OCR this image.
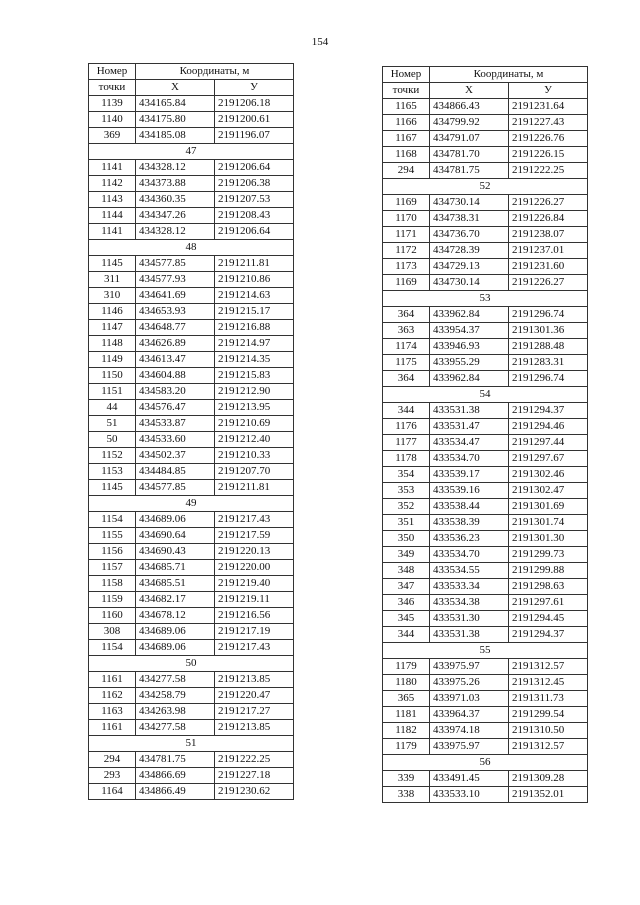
154
Номер	Координаты, м	
точки	Х	У
1139	434165.84	2191206.18
1140	434175.80	2191200.61
369	434185.08	2191196.07
47		
1141	434328.12	2191206.64
1142	434373.88	2191206.38
1143	434360.35	2191207.53
1144	434347.26	2191208.43
1141	434328.12	2191206.64
48		
1145	434577.85	2191211.81
311	434577.93	2191210.86
310	434641.69	2191214.63
1146	434653.93	2191215.17
1147	434648.77	2191216.88
1148	434626.89	2191214.97
1149	434613.47	2191214.35
1150	434604.88	2191215.83
1151	434583.20	2191212.90
44	434576.47	2191213.95
51	434533.87	2191210.69
50	434533.60	2191212.40
1152	434502.37	2191210.33
1153	434484.85	2191207.70
1145	434577.85	2191211.81
49		
1154	434689.06	2191217.43
1155	434690.64	2191217.59
1156	434690.43	2191220.13
1157	434685.71	2191220.00
1158	434685.51	2191219.40
1159	434682.17	2191219.11
1160	434678.12	2191216.56
308	434689.06	2191217.19
1154	434689.06	2191217.43
50		
1161	434277.58	2191213.85
1162	434258.79	2191220.47
1163	434263.98	2191217.27
1161	434277.58	2191213.85
51		
294	434781.75	2191222.25
293	434866.69	2191227.18
1164	434866.49	2191230.62
Номер	Координаты, м	
точки	Х	У
1165	434866.43	2191231.64
1166	434799.92	2191227.43
1167	434791.07	2191226.76
1168	434781.70	2191226.15
294	434781.75	2191222.25
52		
1169	434730.14	2191226.27
1170	434738.31	2191226.84
1171	434736.70	2191238.07
1172	434728.39	2191237.01
1173	434729.13	2191231.60
1169	434730.14	2191226.27
53		
364	433962.84	2191296.74
363	433954.37	2191301.36
1174	433946.93	2191288.48
1175	433955.29	2191283.31
364	433962.84	2191296.74
54		
344	433531.38	2191294.37
1176	433531.47	2191294.46
1177	433534.47	2191297.44
1178	433534.70	2191297.67
354	433539.17	2191302.46
353	433539.16	2191302.47
352	433538.44	2191301.69
351	433538.39	2191301.74
350	433536.23	2191301.30
349	433534.70	2191299.73
348	433534.55	2191299.88
347	433533.34	2191298.63
346	433534.38	2191297.61
345	433531.30	2191294.45
344	433531.38	2191294.37
55		
1179	433975.97	2191312.57
1180	433975.26	2191312.45
365	433971.03	2191311.73
1181	433964.37	2191299.54
1182	433974.18	2191310.50
1179	433975.97	2191312.57
56		
339	433491.45	2191309.28
338	433533.10	2191352.01
